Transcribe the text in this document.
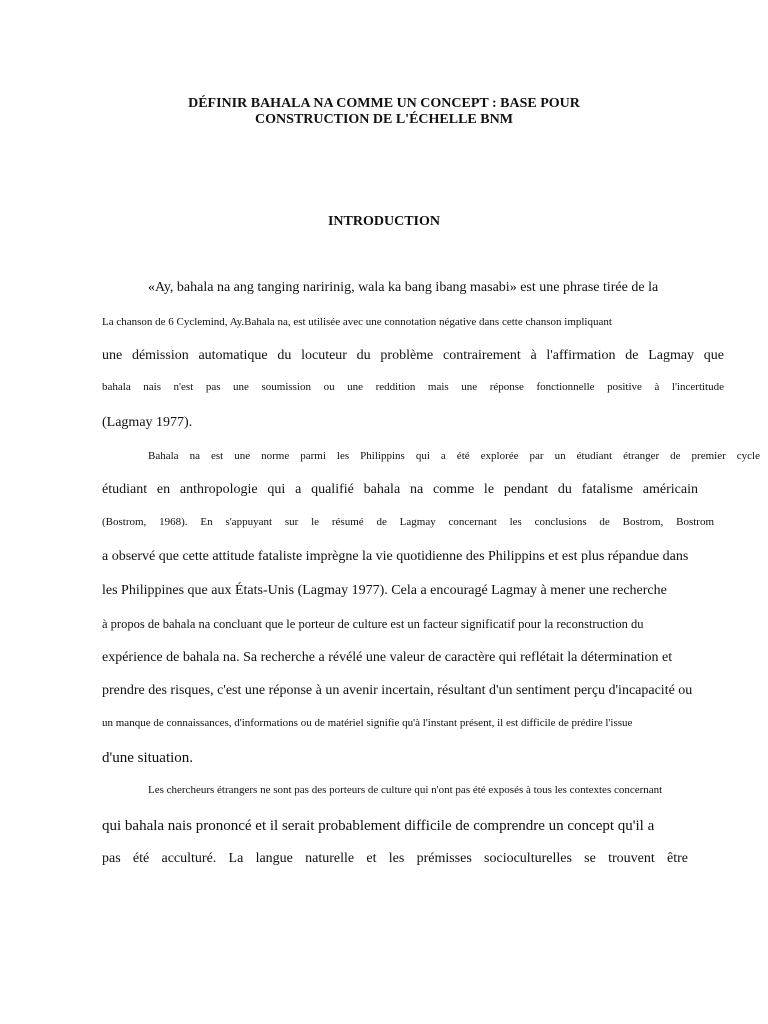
DÉFINIR BAHALA NA COMME UN CONCEPT : BASE POUR

CONSTRUCTION DE L'ÉCHELLE BNM

INTRODUCTION

«Ay, bahala na ang tanging naririnig, wala ka bang ibang masabi» est une phrase tirée de la

La chanson de 6 Cyclemind, Ay.Bahala na, est utilisée avec une connotation négative dans cette chanson impliquant

une démission automatique du locuteur du problème contrairement à l'affirmation de Lagmay que

bahala nais n'est pas une soumission ou une reddition mais une réponse fonctionnelle positive à l'incertitude

(Lagmay 1977).

Bahala na est une norme parmi les Philippins qui a été explorée par un étudiant étranger de premier cycle

étudiant en anthropologie qui a qualifié bahala na comme le pendant du fatalisme américain

(Bostrom, 1968). En s'appuyant sur le résumé de Lagmay concernant les conclusions de Bostrom, Bostrom

a observé que cette attitude fataliste imprègne la vie quotidienne des Philippins et est plus répandue dans

les Philippines que aux États-Unis (Lagmay 1977). Cela a encouragé Lagmay à mener une recherche

à propos de bahala na concluant que le porteur de culture est un facteur significatif pour la reconstruction du

expérience de bahala na. Sa recherche a révélé une valeur de caractère qui reflétait la détermination et

prendre des risques, c'est une réponse à un avenir incertain, résultant d'un sentiment perçu d'incapacité ou

un manque de connaissances, d'informations ou de matériel signifie qu'à l'instant présent, il est difficile de prédire l'issue

d'une situation.

Les chercheurs étrangers ne sont pas des porteurs de culture qui n'ont pas été exposés à tous les contextes concernant

qui bahala nais prononcé et il serait probablement difficile de comprendre un concept qu'il a

pas été acculturé. La langue naturelle et les prémisses socioculturelles se trouvent être
